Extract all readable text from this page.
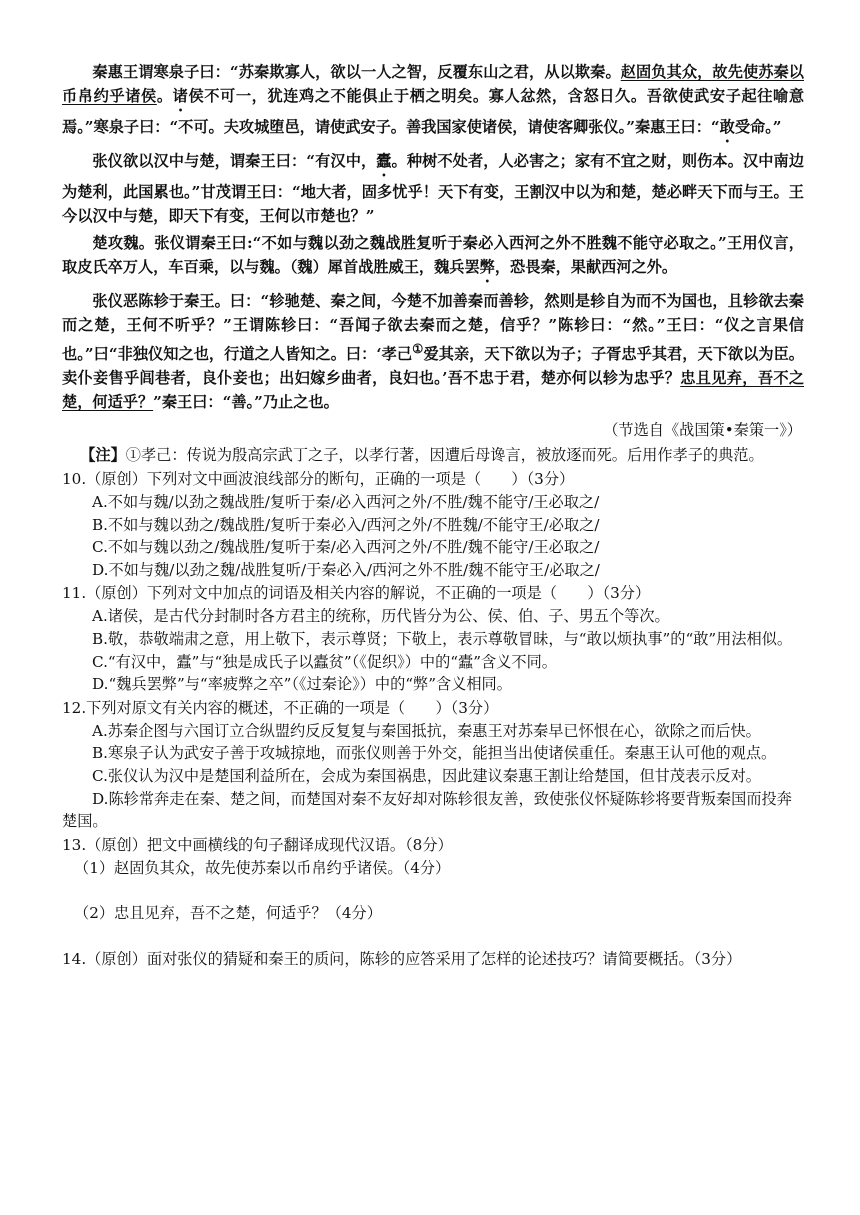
秦惠王谓寒泉子曰：“苏秦欺寡人，欲以一人之智，反覆东山之君，从以欺秦。赵固负其众，故先使苏秦以币帛约乎诸侯。诸侯不可一，犹连鸡之不能俱止于栖之明矣。寡人忿然，含怒日久。吾欲使武安子起往喻意焉。”寒泉子曰：“不可。夫攻城堕邑，请使武安子。善我国家使诸侯，请使客卿张仪。”秦惠王曰：“敢受命。”

张仪欲以汉中与楚，谓秦王曰：“有汉中，蠹。种树不处者，人必害之；家有不宜之财，则伤本。汉中南边为楚利，此国累也。”甘茂谓王曰：“地大者，固多忧乎！天下有变，王割汉中以为和楚，楚必畔天下而与王。王今以汉中与楚，即天下有变，王何以市楚也？”

楚攻魏。张仪谓秦王曰:“不如与魏以劲之魏战胜复听于秦必入西河之外不胜魏不能守必取之。”王用仪言，取皮氏卒万人，车百乘，以与魏。（魏）犀首战胜威王，魏兵罢弊，恐畏秦，果献西河之外。

张仪恶陈轸于秦王。曰：“轸驰楚、秦之间，今楚不加善秦而善轸，然则是轸自为而不为国也，且轸欲去秦而之楚，王何不听乎？”王谓陈轸曰：“吾闻子欲去秦而之楚，信乎？”陈轸曰：“然。”王曰：“仪之言果信也。”曰“非独仪知之也，行道之人皆知之。曰：‘孝己①爱其亲，天下欲以为子；子胥忠乎其君，天下欲以为臣。卖仆妾售乎闾巷者，良仆妾也；出妇嫁乡曲者，良妇也。’吾不忠于君，楚亦何以轸为忠乎？忠且见弃，吾不之楚，何适乎？”秦王曰：“善。”乃止之也。

（节选自《战国策•秦策一》）
【注】①孝己：传说为殷高宗武丁之子，以孝行著，因遭后母谗言，被放逐而死。后用作孝子的典范。
10.（原创）下列对文中画波浪线部分的断句，正确的一项是（　　）（3分）
A.不如与魏/以劲之魏战胜/复听于秦/必入西河之外/不胜/魏不能守/王必取之/
B.不如与魏以劲之/魏战胜/复听于秦必入/西河之外/不胜魏/不能守王/必取之/
C.不如与魏以劲之/魏战胜/复听于秦/必入西河之外/不胜/魏不能守/王必取之/
D.不如与魏/以劲之魏/战胜复听/于秦必入/西河之外不胜/魏不能守王/必取之/
11.（原创）下列对文中加点的词语及相关内容的解说，不正确的一项是（　　）（3分）
A.诸侯，是古代分封制时各方君主的统称，历代皆分为公、侯、伯、子、男五个等次。
B.敬，恭敬端肃之意，用上敬下，表示尊贤；下敬上，表示尊敬冒昧，与“敢以烦执事”的“敢”用法相似。
C.“有汉中，蠹”与“独是成氏子以蠹贫”（《促织》）中的“蠹”含义不同。
D.“魏兵罢弊”与“率疲弊之卒”（《过秦论》）中的“弊”含义相同。
12.下列对原文有关内容的概述，不正确的一项是（　　）（3分）
A.苏秦企图与六国订立合纵盟约反反复复与秦国抵抗，秦惠王对苏秦早已怀恨在心，欲除之而后快。
B.寒泉子认为武安子善于攻城掠地，而张仪则善于外交，能担当出使诸侯重任。秦惠王认可他的观点。
C.张仪认为汉中是楚国利益所在，会成为秦国祸患，因此建议秦惠王割让给楚国，但甘茂表示反对。
D.陈轸常奔走在秦、楚之间，而楚国对秦不友好却对陈轸很友善，致使张仪怀疑陈轸将要背叛秦国而投奔楚国。
13.（原创）把文中画横线的句子翻译成现代汉语。（8分）
（1）赵固负其众，故先使苏秦以币帛约乎诸侯。（4分）
（2）忠且见弃，吾不之楚，何适乎？（4分）
14.（原创）面对张仪的猜疑和秦王的质问，陈轸的应答采用了怎样的论述技巧？请简要概括。（3分）
